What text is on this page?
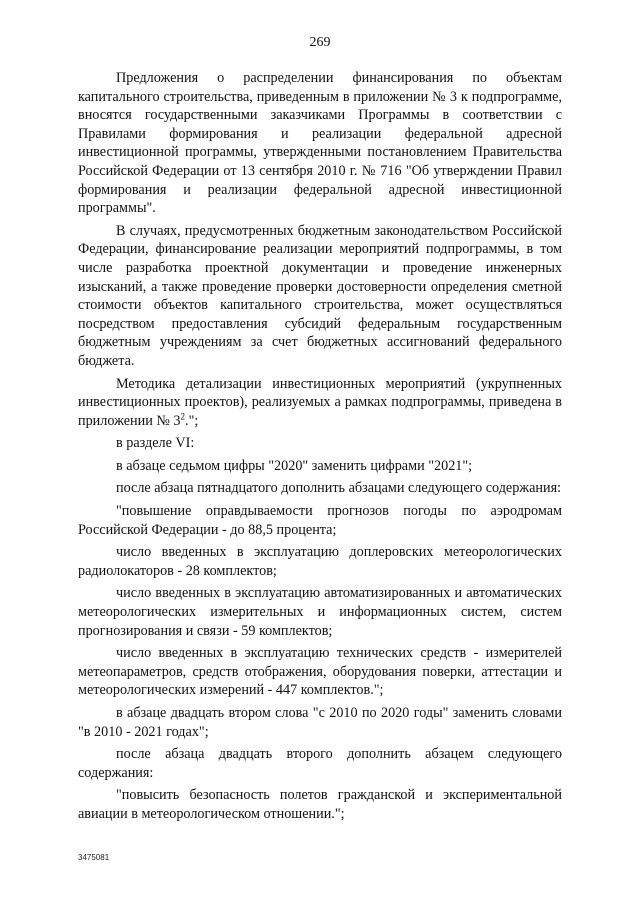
269

Предложения о распределении финансирования по объектам капитального строительства, приведенным в приложении № 3 к подпрограмме, вносятся государственными заказчиками Программы в соответствии с Правилами формирования и реализации федеральной адресной инвестиционной программы, утвержденными постановлением Правительства Российской Федерации от 13 сентября 2010 г. № 716 "Об утверждении Правил формирования и реализации федеральной адресной инвестиционной программы".

В случаях, предусмотренных бюджетным законодательством Российской Федерации, финансирование реализации мероприятий подпрограммы, в том числе разработка проектной документации и проведение инженерных изысканий, а также проведение проверки достоверности определения сметной стоимости объектов капитального строительства, может осуществляться посредством предоставления субсидий федеральным государственным бюджетным учреждениям за счет бюджетных ассигнований федерального бюджета.

Методика детализации инвестиционных мероприятий (укрупненных инвестиционных проектов), реализуемых а рамках подпрограммы, приведена в приложении № $3^2$.";

в разделе VI:

в абзаце седьмом цифры "2020" заменить цифрами "2021";

после абзаца пятнадцатого дополнить абзацами следующего содержания:

"повышение оправдываемости прогнозов погоды по аэродромам Российской Федерации - до 88,5 процента;

число введенных в эксплуатацию доплеровских метеорологических радиолокаторов - 28 комплектов;

число введенных в эксплуатацию автоматизированных и автоматических метеорологических измерительных и информационных систем, систем прогнозирования и связи - 59 комплектов;

число введенных в эксплуатацию технических средств - измерителей метеопараметров, средств отображения, оборудования поверки, аттестации и метеорологических измерений - 447 комплектов.";

в абзаце двадцать втором слова "с 2010 по 2020 годы" заменить словами "в 2010 - 2021 годах";

после абзаца двадцать второго дополнить абзацем следующего содержания:

"повысить безопасность полетов гражданской и экспериментальной авиации в метеорологическом отношении.";

3475081
